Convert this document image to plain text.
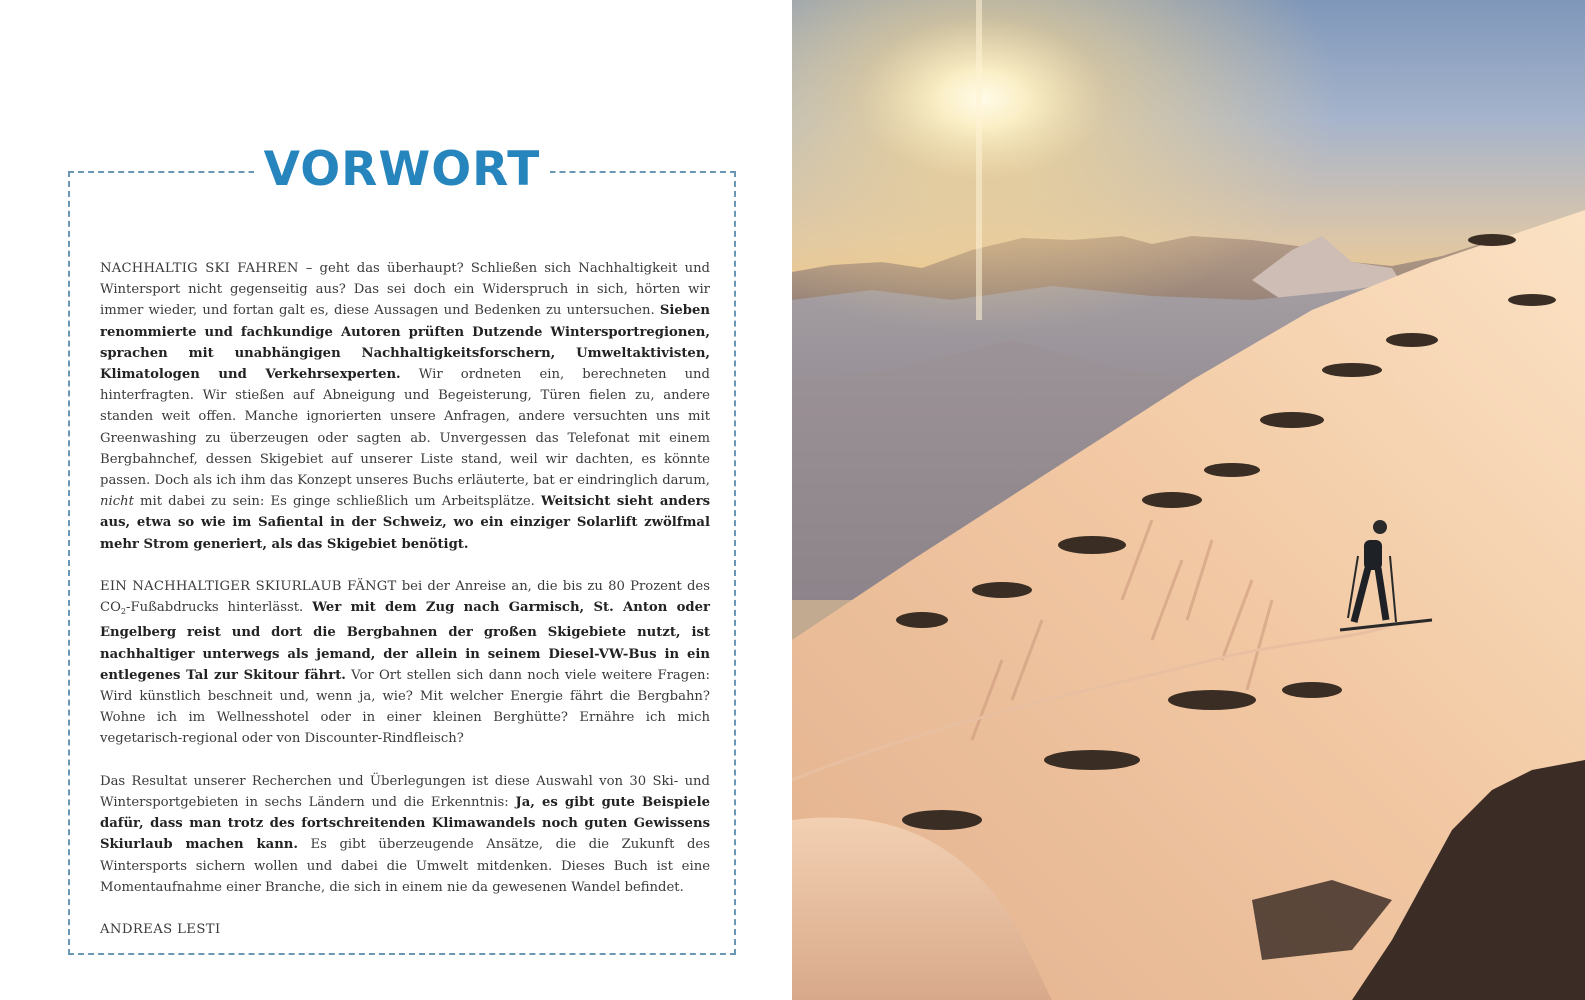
VORWORT

NACHHALTIG SKI FAHREN – geht das überhaupt? Schließen sich Nachhaltigkeit und Wintersport nicht gegenseitig aus? Das sei doch ein Widerspruch in sich, hörten wir immer wieder, und fortan galt es, diese Aussagen und Bedenken zu untersuchen. Sieben renommierte und fachkundige Autoren prüften Dutzende Wintersportregionen, sprachen mit unabhängigen Nachhaltigkeitsforschern, Umweltaktivisten, Klimatologen und Verkehrsexperten. Wir ordneten ein, berechneten und hinterfragten. Wir stießen auf Abneigung und Begeisterung, Türen fielen zu, andere standen weit offen. Manche ignorierten unsere Anfragen, andere versuchten uns mit Greenwashing zu überzeugen oder sagten ab. Unvergessen das Telefonat mit einem Bergbahnchef, dessen Skigebiet auf unserer Liste stand, weil wir dachten, es könnte passen. Doch als ich ihm das Konzept unseres Buchs erläuterte, bat er eindringlich darum, nicht mit dabei zu sein: Es ginge schließlich um Arbeitsplätze. Weitsicht sieht anders aus, etwa so wie im Safiental in der Schweiz, wo ein einziger Solarlift zwölfmal mehr Strom generiert, als das Skigebiet benötigt.

EIN NACHHALTIGER SKIURLAUB FÄNGT bei der Anreise an, die bis zu 80 Prozent des $CO_2$-Fußabdrucks hinterlässt. Wer mit dem Zug nach Garmisch, St. Anton oder Engelberg reist und dort die Bergbahnen der großen Skigebiete nutzt, ist nachhaltiger unterwegs als jemand, der allein in seinem Diesel-VW-Bus in ein entlegenes Tal zur Skitour fährt. Vor Ort stellen sich dann noch viele weitere Fragen: Wird künstlich beschneit und, wenn ja, wie? Mit welcher Energie fährt die Bergbahn? Wohne ich im Wellnesshotel oder in einer kleinen Berghütte? Ernähre ich mich vegetarisch-regional oder von Discounter-Rindfleisch?

Das Resultat unserer Recherchen und Überlegungen ist diese Auswahl von 30 Ski- und Wintersportgebieten in sechs Ländern und die Erkenntnis: Ja, es gibt gute Beispiele dafür, dass man trotz des fortschreitenden Klimawandels noch guten Gewissens Skiurlaub machen kann. Es gibt überzeugende Ansätze, die die Zukunft des Wintersports sichern wollen und dabei die Umwelt mitdenken. Dieses Buch ist eine Momentaufnahme einer Branche, die sich in einem nie da gewesenen Wandel befindet.

ANDREAS LESTI
